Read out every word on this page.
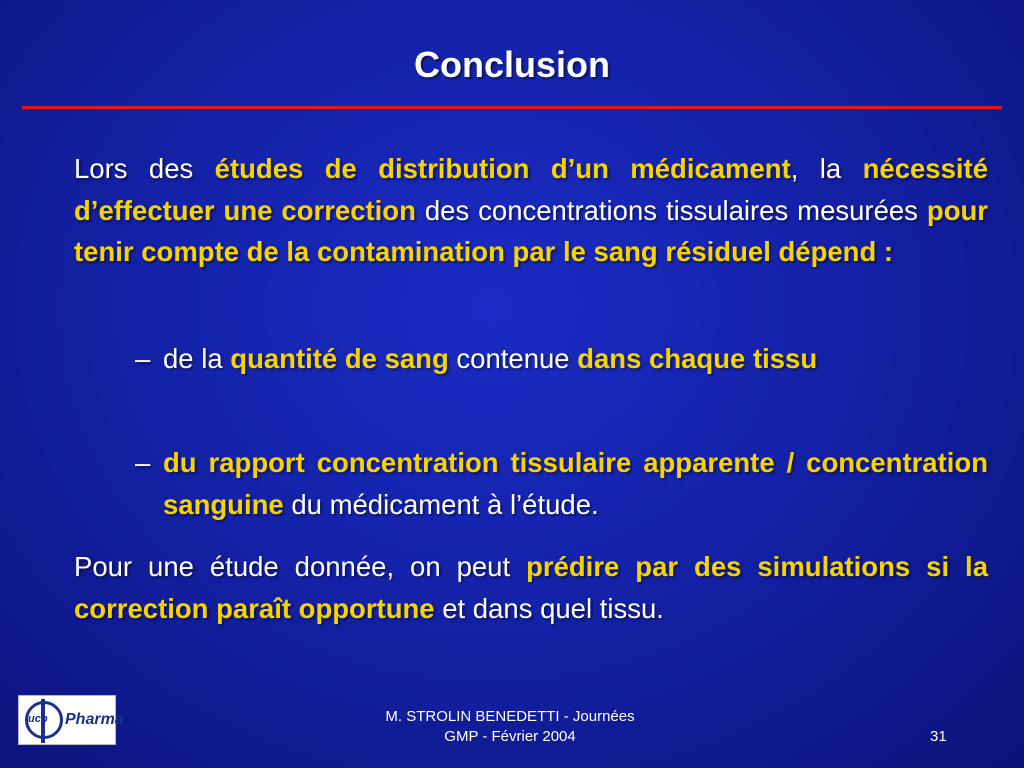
Conclusion
Lors des études de distribution d’un médicament, la nécessité d’effectuer une correction des concentrations tissulaires mesurées pour tenir compte de la contamination par le sang résiduel dépend :
– de la quantité de sang contenue dans chaque tissu
– du rapport concentration tissulaire apparente / concentration sanguine du médicament à l’étude.
Pour une étude donnée, on peut prédire par des simulations si la correction paraît opportune et dans quel tissu.
ucb Pharma	M. STROLIN BENEDETTI - Journées
GMP - Février 2004	31
